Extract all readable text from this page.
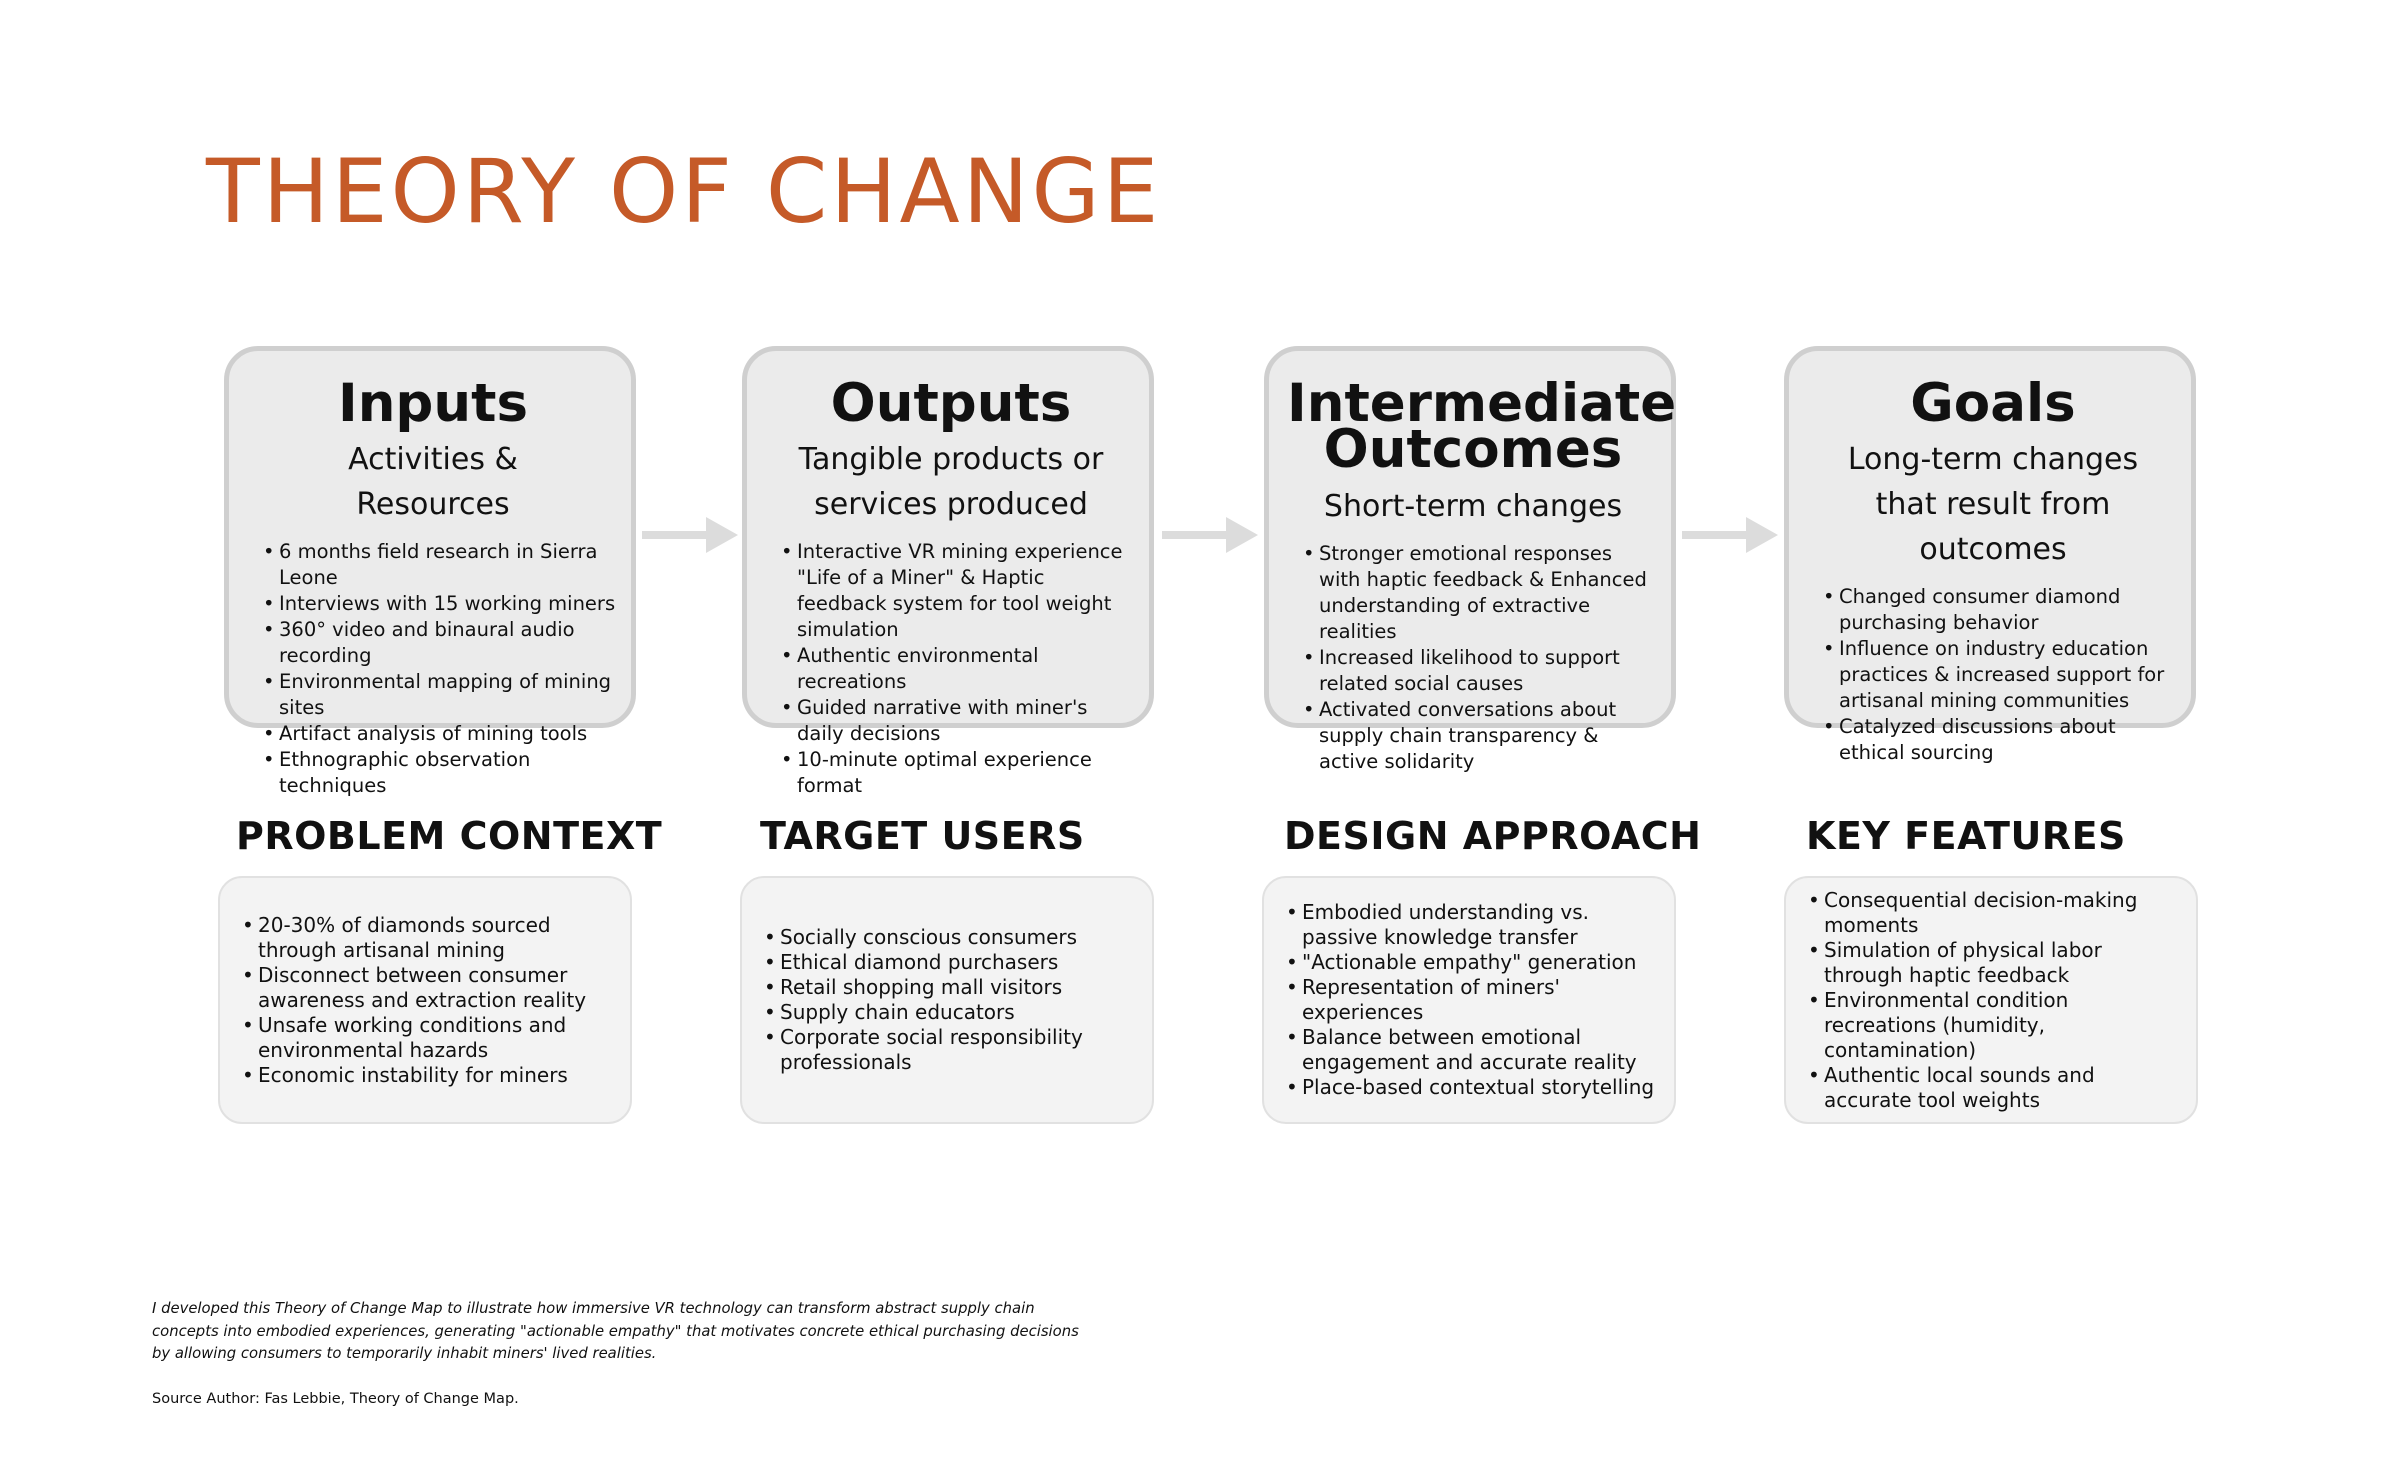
THEORY OF CHANGE
Inputs
Activities &
Resources
• 6 months field research in Sierra Leone
• Interviews with 15 working miners
• 360° video and binaural audio recording
• Environmental mapping of mining sites
• Artifact analysis of mining tools
• Ethnographic observation techniques
Outputs
Tangible products or
services produced
• Interactive VR mining experience "Life of a Miner" & Haptic feedback system for tool weight simulation
• Authentic environmental recreations
• Guided narrative with miner's daily decisions
• 10-minute optimal experience format
Intermediate
Outcomes
Short-term changes
• Stronger emotional responses with haptic feedback & Enhanced understanding of extractive realities
• Increased likelihood to support related social causes
• Activated conversations about supply chain transparency & active solidarity
Goals
Long-term changes
that result from outcomes
• Changed consumer diamond purchasing behavior
• Influence on industry education practices & increased support for artisanal mining communities
• Catalyzed discussions about ethical sourcing
PROBLEM CONTEXT	TARGET USERS	DESIGN APPROACH	KEY FEATURES
• 20-30% of diamonds sourced through artisanal mining
• Disconnect between consumer awareness and extraction reality
• Unsafe working conditions and environmental hazards
• Economic instability for miners
• Socially conscious consumers
• Ethical diamond purchasers
• Retail shopping mall visitors
• Supply chain educators
• Corporate social responsibility professionals
• Embodied understanding vs. passive knowledge transfer
• "Actionable empathy" generation
• Representation of miners' experiences
• Balance between emotional engagement and accurate reality
• Place-based contextual storytelling
• Consequential decision-making moments
• Simulation of physical labor through haptic feedback
• Environmental condition recreations (humidity, contamination)
• Authentic local sounds and accurate tool weights

I developed this Theory of Change Map to illustrate how immersive VR technology can transform abstract supply chain concepts into embodied experiences, generating "actionable empathy" that motivates concrete ethical purchasing decisions by allowing consumers to temporarily inhabit miners' lived realities.

Source Author: Fas Lebbie, Theory of Change Map.
